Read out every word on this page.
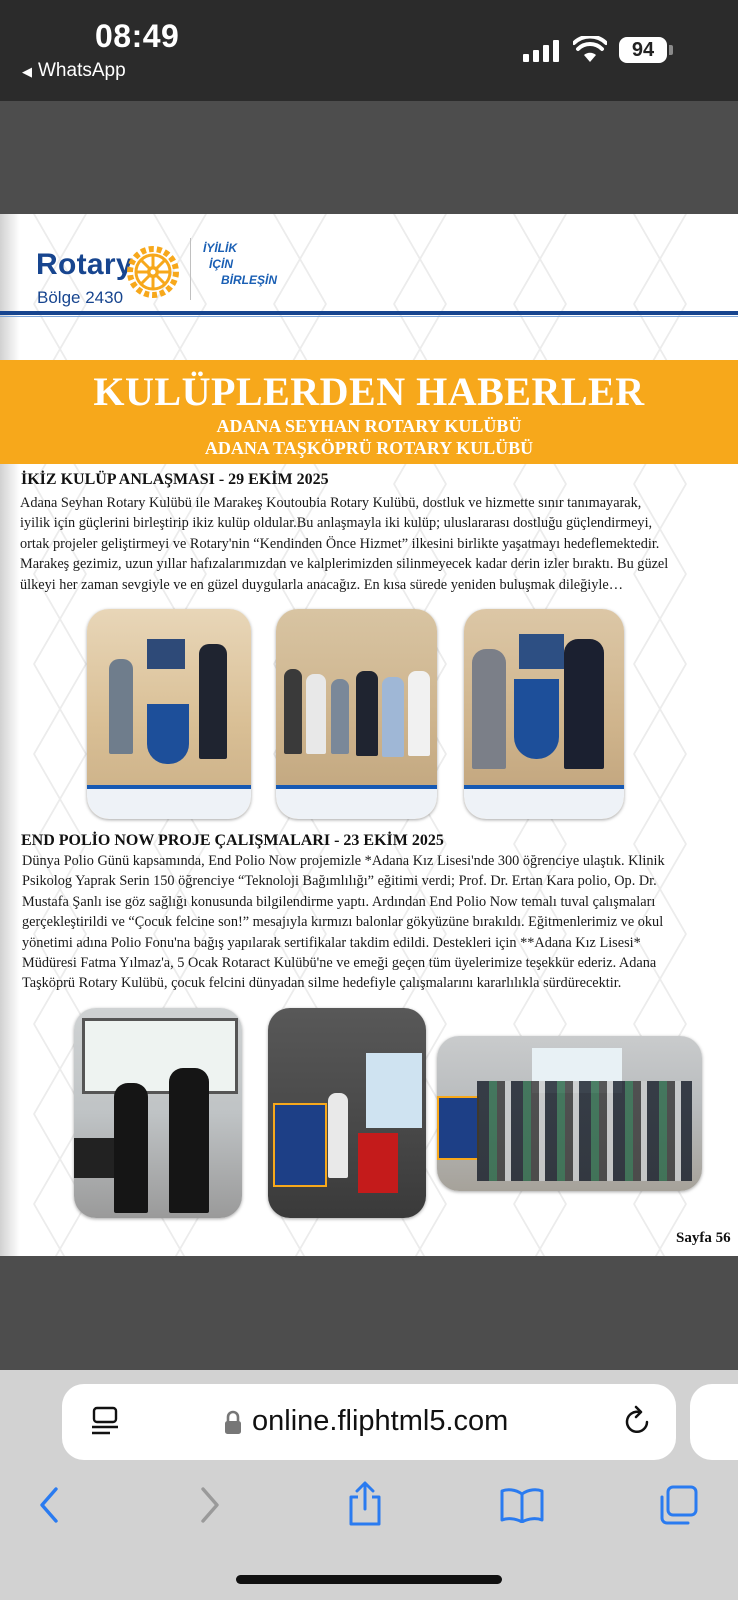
08:49
◀ WhatsApp
94
Rotary
Bölge 2430
İYİLİK
İÇİN
BİRLEŞİN
KULÜPLERDEN HABERLER
ADANA SEYHAN ROTARY KULÜBÜ
ADANA TAŞKÖPRÜ ROTARY KULÜBÜ
İKİZ KULÜP ANLAŞMASI - 29 EKİM 2025
Adana Seyhan Rotary Kulübü ile Marakeş Koutoubia Rotary Kulübü, dostluk ve hizmette sınır tanımayarak,
iyilik için güçlerini birleştirip ikiz kulüp oldular.Bu anlaşmayla iki kulüp; uluslararası dostluğu güçlendirmeyi,
ortak projeler geliştirmeyi ve Rotary'nin “Kendinden Önce Hizmet” ilkesini birlikte yaşatmayı hedeflemektedir.
Marakeş gezimiz, uzun yıllar hafızalarımızdan ve kalplerimizden silinmeyecek kadar derin izler bıraktı. Bu güzel
ülkeyi her zaman sevgiyle ve en güzel duygularla anacağız. En kısa sürede yeniden buluşmak dileğiyle…
END POLİO NOW PROJE ÇALIŞMALARI - 23 EKİM 2025
Dünya Polio Günü kapsamında, End Polio Now projemizle *Adana Kız Lisesi'nde 300 öğrenciye ulaştık. Klinik
Psikolog Yaprak Serin 150 öğrenciye “Teknoloji Bağımlılığı” eğitimi verdi; Prof. Dr. Ertan Kara polio, Op. Dr.
Mustafa Şanlı ise göz sağlığı konusunda bilgilendirme yaptı. Ardından End Polio Now temalı tuval çalışmaları
gerçekleştirildi ve “Çocuk felcine son!” mesajıyla kırmızı balonlar gökyüzüne bırakıldı. Eğitmenlerimiz ve okul
yönetimi adına Polio Fonu'na bağış yapılarak sertifikalar takdim edildi. Destekleri için **Adana Kız Lisesi*
Müdüresi Fatma Yılmaz'a, 5 Ocak Rotaract Kulübü'ne ve emeği geçen tüm üyelerimize teşekkür ederiz. Adana
Taşköprü Rotary Kulübü, çocuk felcini dünyadan silme hedefiyle çalışmalarını kararlılıkla sürdürecektir.
Sayfa 56
online.fliphtml5.com
